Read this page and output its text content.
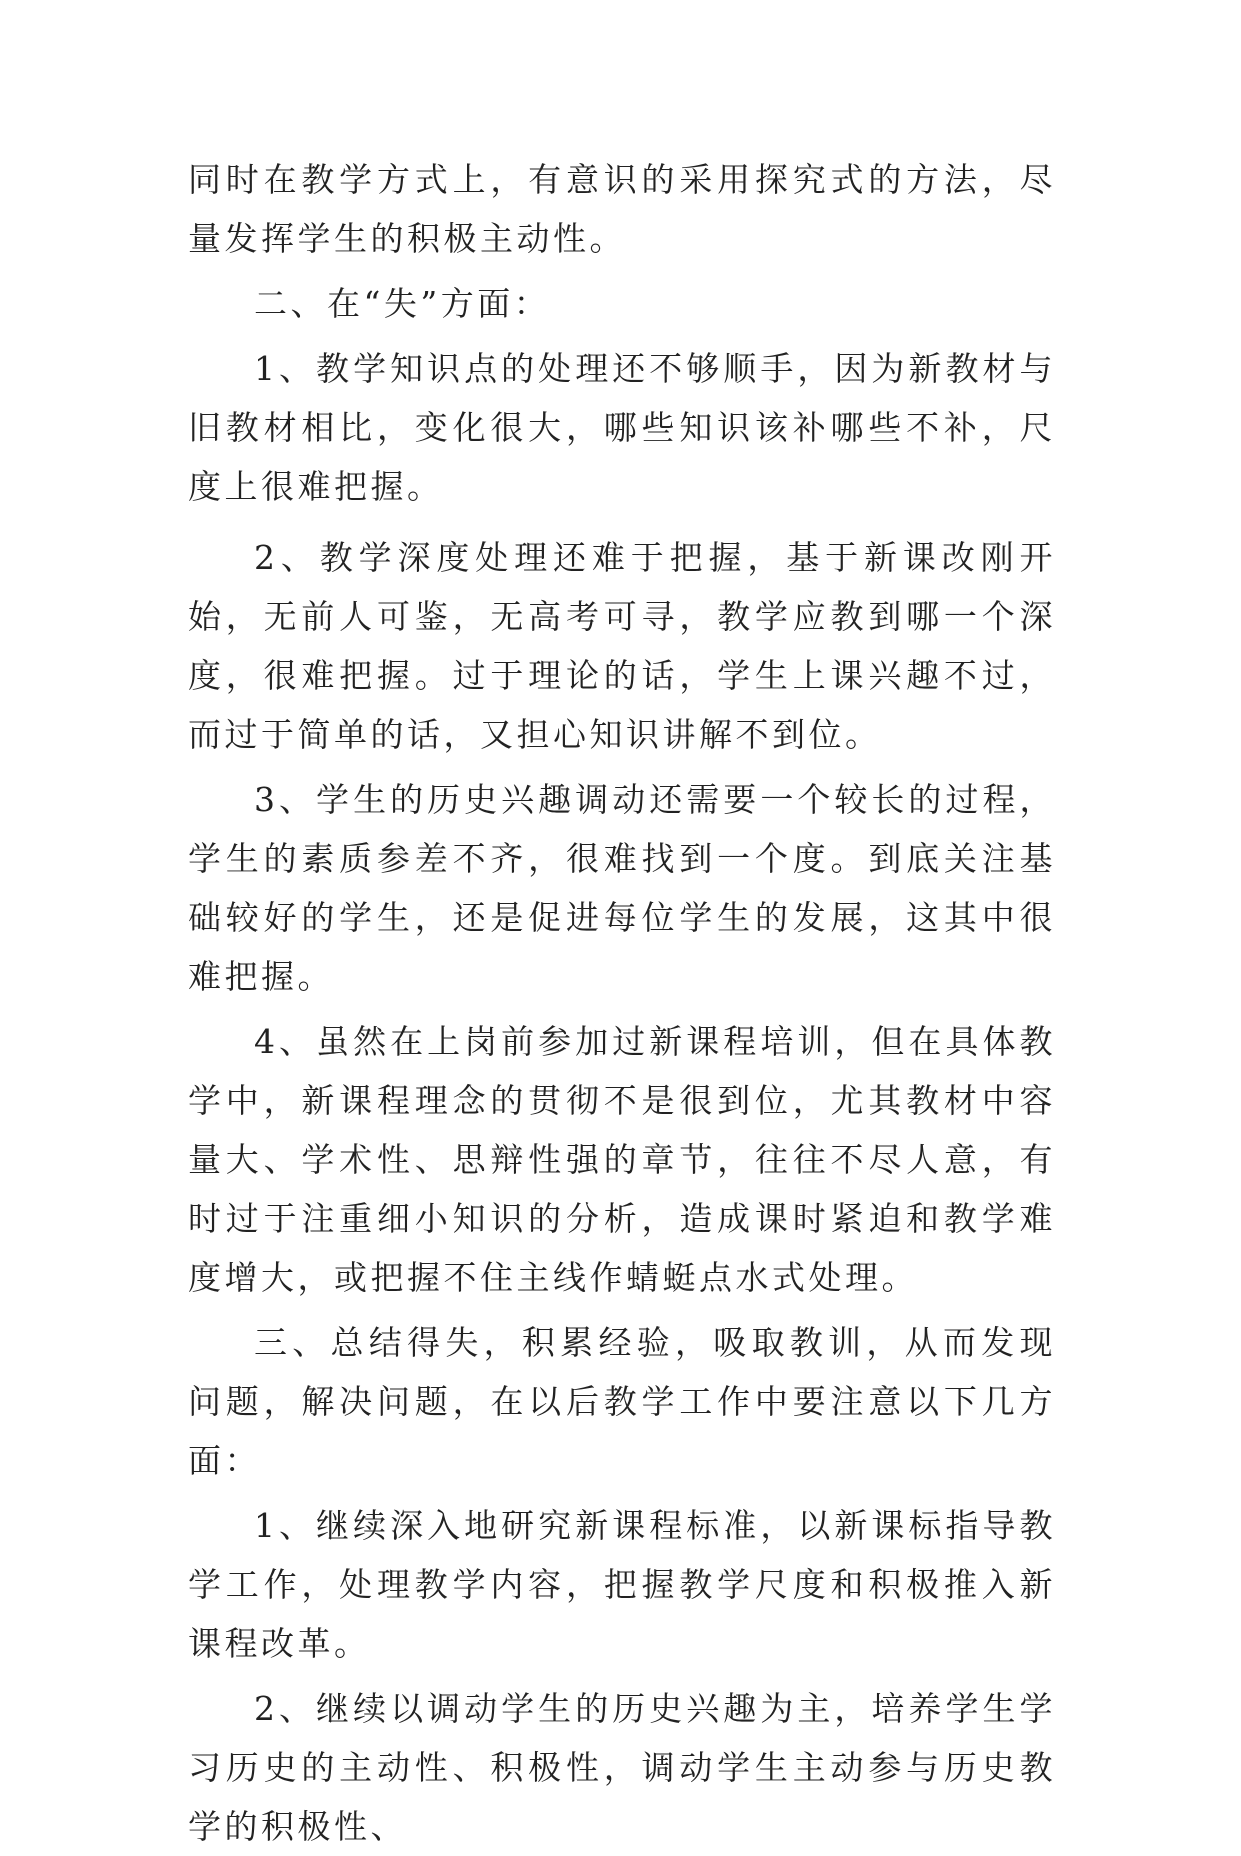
同时在教学方式上，有意识的采用探究式的方法，尽量发挥学生的积极主动性。

二、在“失”方面：

1、教学知识点的处理还不够顺手，因为新教材与旧教材相比，变化很大，哪些知识该补哪些不补，尺度上很难把握。

2、教学深度处理还难于把握，基于新课改刚开始，无前人可鉴，无高考可寻，教学应教到哪一个深度，很难把握。过于理论的话，学生上课兴趣不过，而过于简单的话，又担心知识讲解不到位。

3、学生的历史兴趣调动还需要一个较长的过程，学生的素质参差不齐，很难找到一个度。到底关注基础较好的学生，还是促进每位学生的发展，这其中很难把握。

4、虽然在上岗前参加过新课程培训，但在具体教学中，新课程理念的贯彻不是很到位，尤其教材中容量大、学术性、思辩性强的章节，往往不尽人意，有时过于注重细小知识的分析，造成课时紧迫和教学难度增大，或把握不住主线作蜻蜓点水式处理。

三、总结得失，积累经验，吸取教训，从而发现问题，解决问题，在以后教学工作中要注意以下几方面：

1、继续深入地研究新课程标准，以新课标指导教学工作，处理教学内容，把握教学尺度和积极推入新课程改革。

2、继续以调动学生的历史兴趣为主，培养学生学习历史的主动性、积极性，调动学生主动参与历史教学的积极性、
